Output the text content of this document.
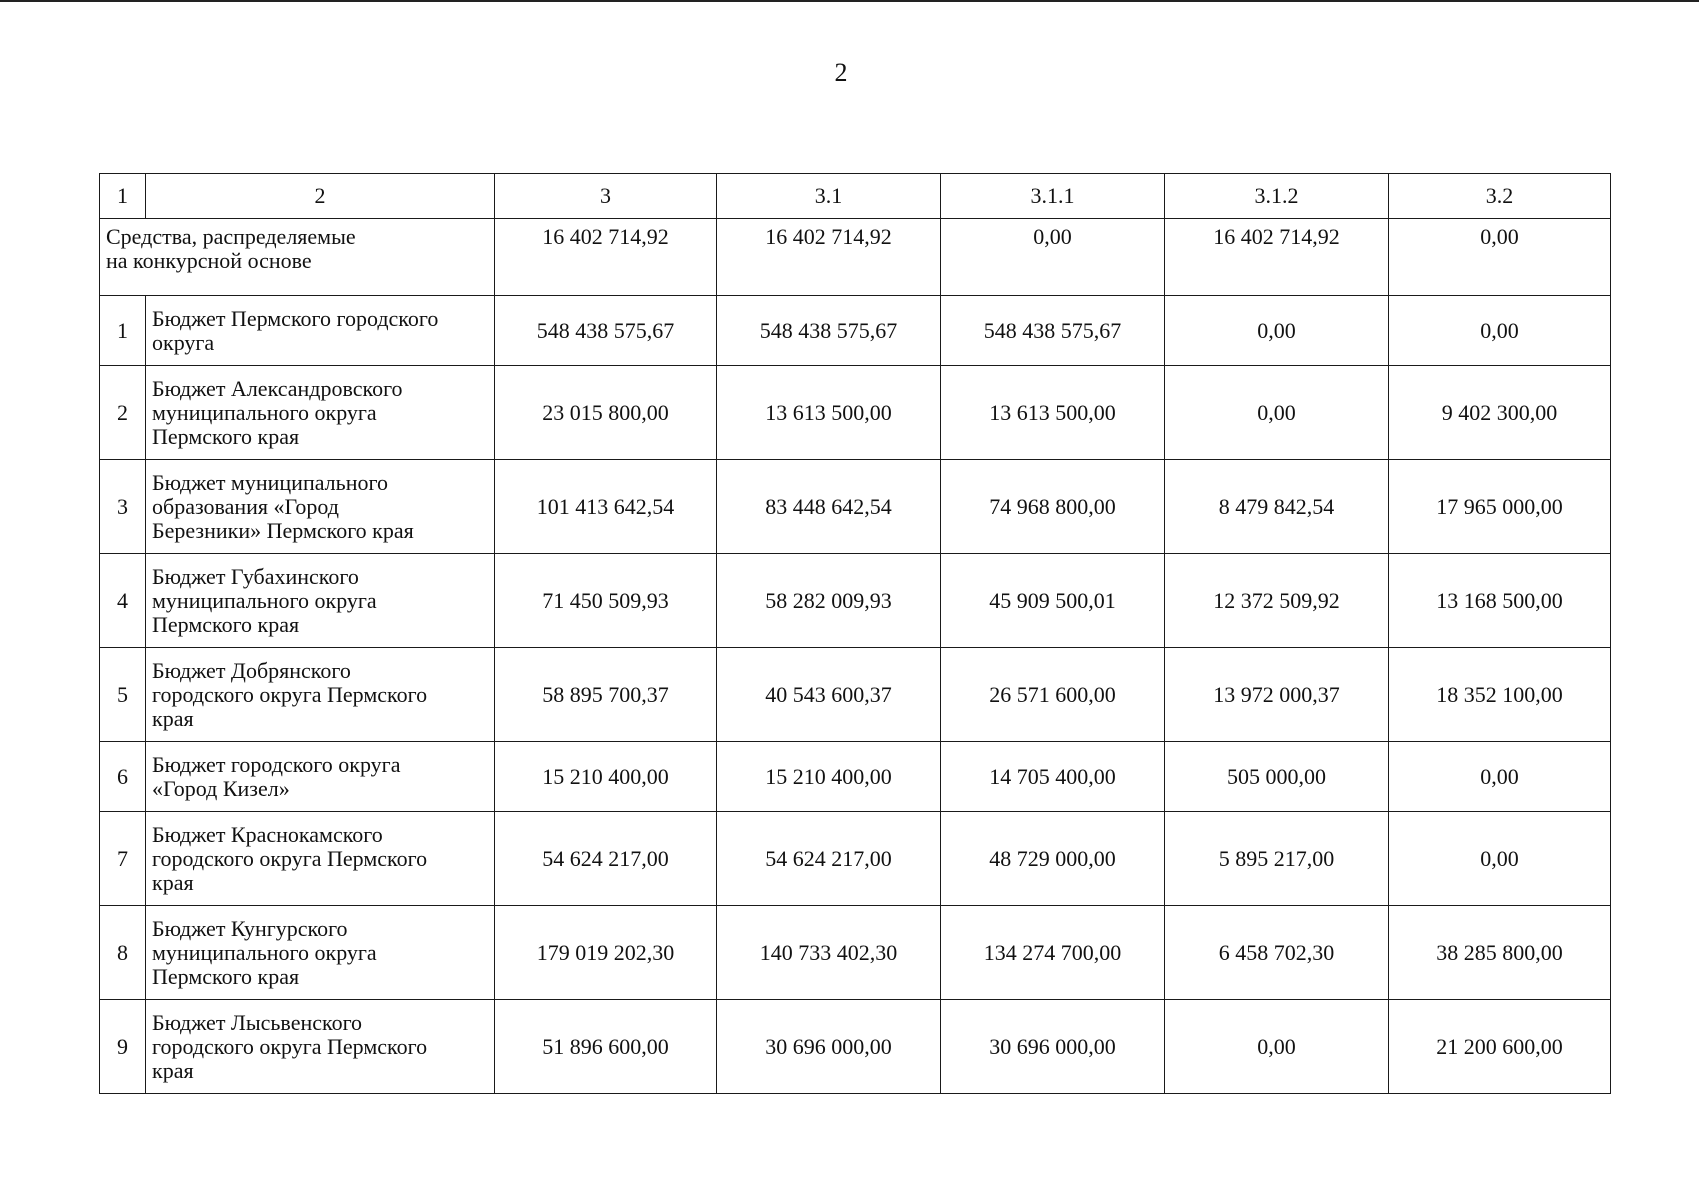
2
1	2	3	3.1	3.1.1	3.1.2	3.2

Средства, распределяемые
на конкурсной основе		16 402 714,92	16 402 714,92	0,00	16 402 714,92	0,00
1	Бюджет Пермского городского
округа	548 438 575,67	548 438 575,67	548 438 575,67	0,00	0,00
2	Бюджет Александровского
муниципального округа
Пермского края	23 015 800,00	13 613 500,00	13 613 500,00	0,00	9 402 300,00
3	Бюджет муниципального
образования «Город
Березники» Пермского края	101 413 642,54	83 448 642,54	74 968 800,00	8 479 842,54	17 965 000,00
4	Бюджет Губахинского
муниципального округа
Пермского края	71 450 509,93	58 282 009,93	45 909 500,01	12 372 509,92	13 168 500,00
5	Бюджет Добрянского
городского округа Пермского
края	58 895 700,37	40 543 600,37	26 571 600,00	13 972 000,37	18 352 100,00
6	Бюджет городского округа
«Город Кизел»	15 210 400,00	15 210 400,00	14 705 400,00	505 000,00	0,00
7	Бюджет Краснокамского
городского округа Пермского
края	54 624 217,00	54 624 217,00	48 729 000,00	5 895 217,00	0,00
8	Бюджет Кунгурского
муниципального округа
Пермского края	179 019 202,30	140 733 402,30	134 274 700,00	6 458 702,30	38 285 800,00
9	Бюджет Лысьвенского
городского округа Пермского
края	51 896 600,00	30 696 000,00	30 696 000,00	0,00	21 200 600,00
